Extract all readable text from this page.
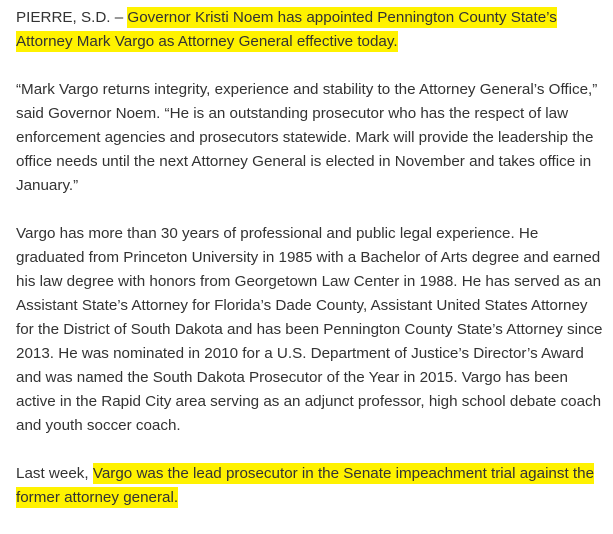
PIERRE, S.D. – Governor Kristi Noem has appointed Pennington County State’s Attorney Mark Vargo as Attorney General effective today.

“Mark Vargo returns integrity, experience and stability to the Attorney General’s Office,” said Governor Noem. “He is an outstanding prosecutor who has the respect of law enforcement agencies and prosecutors statewide. Mark will provide the leadership the office needs until the next Attorney General is elected in November and takes office in January.”

Vargo has more than 30 years of professional and public legal experience. He graduated from Princeton University in 1985 with a Bachelor of Arts degree and earned his law degree with honors from Georgetown Law Center in 1988. He has served as an Assistant State’s Attorney for Florida’s Dade County, Assistant United States Attorney for the District of South Dakota and has been Pennington County State’s Attorney since 2013. He was nominated in 2010 for a U.S. Department of Justice’s Director’s Award and was named the South Dakota Prosecutor of the Year in 2015. Vargo has been active in the Rapid City area serving as an adjunct professor, high school debate coach and youth soccer coach.

Last week, Vargo was the lead prosecutor in the Senate impeachment trial against the former attorney general.
